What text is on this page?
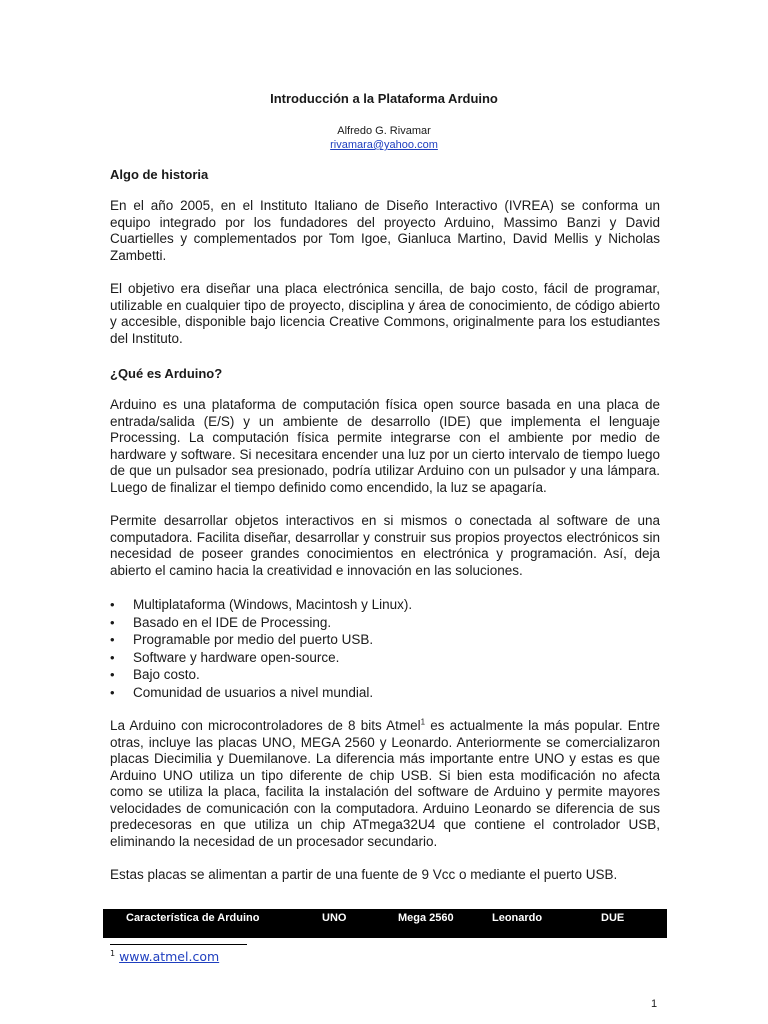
Introducción a la Plataforma Arduino
Alfredo G. Rivamar
rivamara@yahoo.com
Algo de historia

En el año 2005, en el Instituto Italiano de Diseño Interactivo (IVREA) se conforma un equipo integrado por los fundadores del proyecto Arduino, Massimo Banzi y David Cuartielles y complementados por Tom Igoe, Gianluca Martino, David Mellis y Nicholas Zambetti.

El objetivo era diseñar una placa electrónica sencilla, de bajo costo, fácil de programar, utilizable en cualquier tipo de proyecto, disciplina y área de conocimiento, de código abierto y accesible, disponible bajo licencia Creative Commons, originalmente para los estudiantes del Instituto.

¿Qué es Arduino?

Arduino es una plataforma de computación física open source basada en una placa de entrada/salida (E/S) y un ambiente de desarrollo (IDE) que implementa el lenguaje Processing. La computación física permite integrarse con el ambiente por medio de hardware y software. Si necesitara encender una luz por un cierto intervalo de tiempo luego de que un pulsador sea presionado, podría utilizar Arduino con un pulsador y una lámpara. Luego de finalizar el tiempo definido como encendido, la luz se apagaría.

Permite desarrollar objetos interactivos en si mismos o conectada al software de una computadora. Facilita diseñar, desarrollar y construir sus propios proyectos electrónicos sin necesidad de poseer grandes conocimientos en electrónica y programación. Así, deja abierto el camino hacia la creatividad e innovación en las soluciones.

• Multiplataforma (Windows, Macintosh y Linux).
• Basado en el IDE de Processing.
• Programable por medio del puerto USB.
• Software y hardware open-source.
• Bajo costo.
• Comunidad de usuarios a nivel mundial.

La Arduino con microcontroladores de 8 bits Atmel$^1$ es actualmente la más popular. Entre otras, incluye las placas UNO, MEGA 2560 y Leonardo. Anteriormente se comercializaron placas Diecimilia y Duemilanove. La diferencia más importante entre UNO y estas es que Arduino UNO utiliza un tipo diferente de chip USB. Si bien esta modificación no afecta como se utiliza la placa, facilita la instalación del software de Arduino y permite mayores velocidades de comunicación con la computadora. Arduino Leonardo se diferencia de sus predecesoras en que utiliza un chip ATmega32U4 que contiene el controlador USB, eliminando la necesidad de un procesador secundario.

Estas placas se alimentan a partir de una fuente de 9 Vcc o mediante el puerto USB.

Característica de Arduino	UNO	Mega 2560	Leonardo	DUE
$^1$ www.atmel.com
1
